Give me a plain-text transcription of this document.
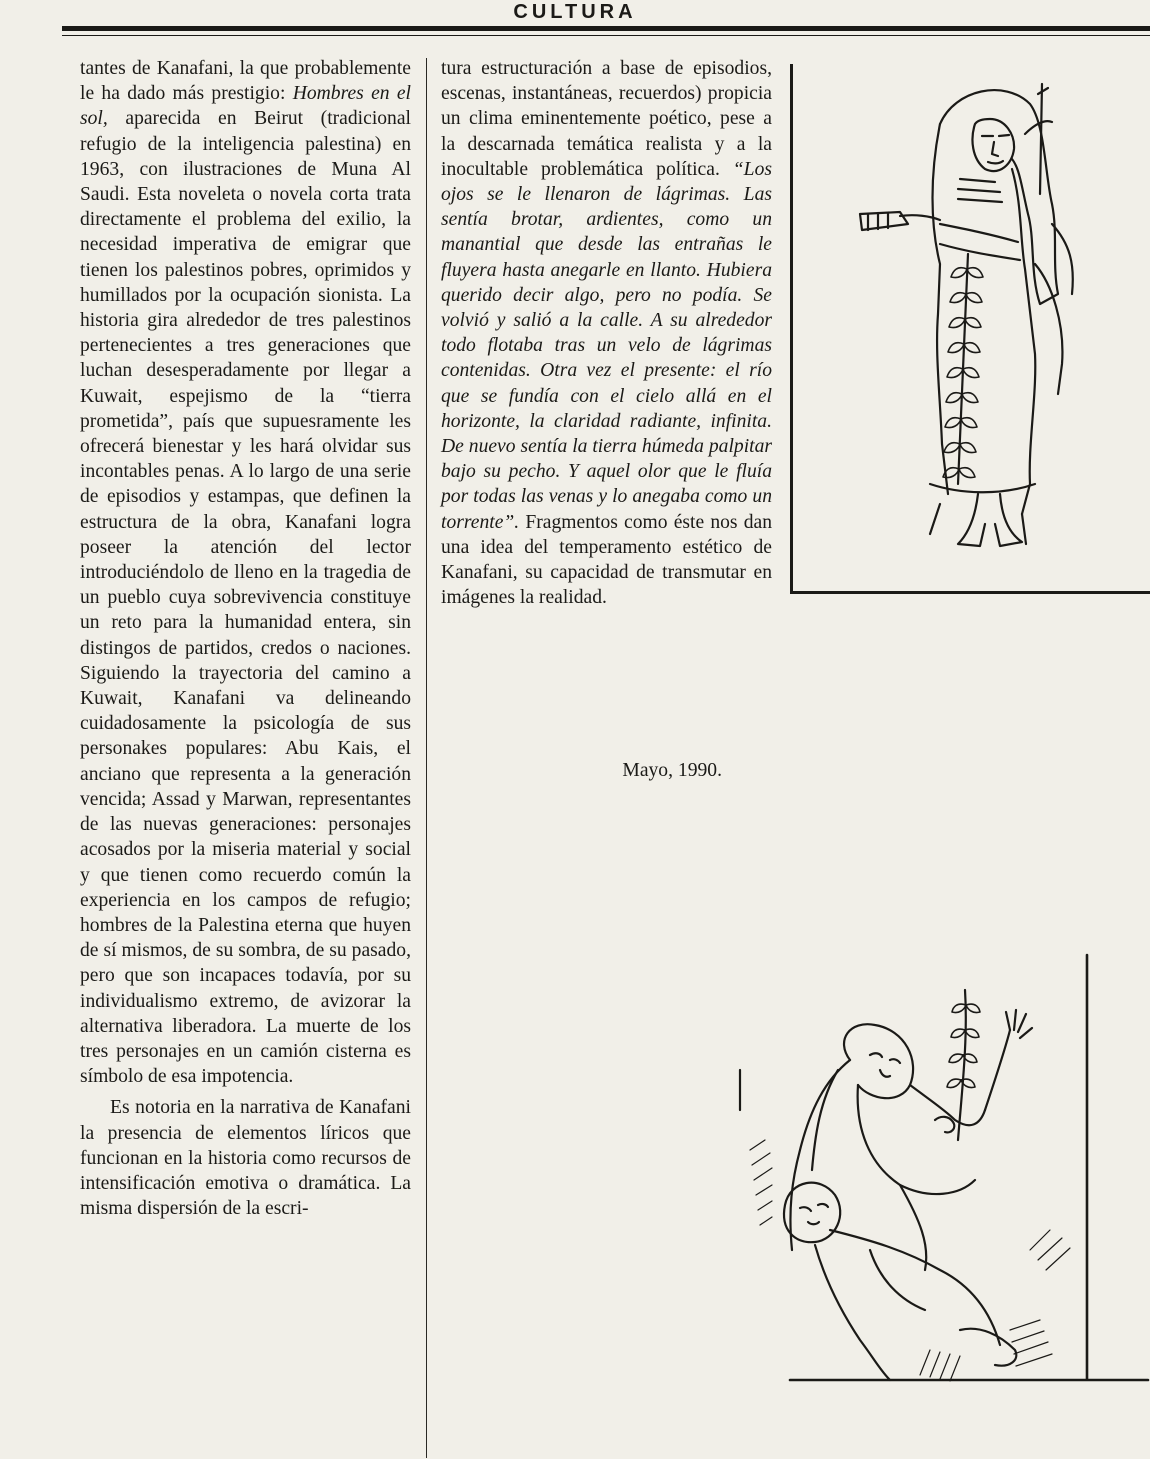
CULTURA

tantes de Kanafani, la que probablemente le ha dado más prestigio: Hombres en el sol, aparecida en Beirut (tradicional refugio de la inteligencia palestina) en 1963, con ilustraciones de Muna Al Saudi. Esta noveleta o novela corta trata directamente el problema del exilio, la necesidad imperativa de emigrar que tienen los palestinos pobres, oprimidos y humillados por la ocupación sionista. La historia gira alrededor de tres palestinos pertenecientes a tres generaciones que luchan desesperadamente por llegar a Kuwait, espejismo de la “tierra prometida”, país que supuesramente les ofrecerá bienestar y les hará olvidar sus incontables penas. A lo largo de una serie de episodios y estampas, que definen la estructura de la obra, Kanafani logra poseer la atención del lector introduciéndolo de lleno en la tragedia de un pueblo cuya sobrevivencia constituye un reto para la humanidad entera, sin distingos de partidos, credos o naciones. Siguiendo la trayectoria del camino a Kuwait, Kanafani va delineando cuidadosamente la psicología de sus personakes populares: Abu Kais, el anciano que representa a la generación vencida; Assad y Marwan, representantes de las nuevas generaciones: personajes acosados por la miseria material y social y que tienen como recuerdo común la experiencia en los campos de refugio; hombres de la Palestina eterna que huyen de sí mismos, de su sombra, de su pasado, pero que son incapaces todavía, por su individualismo extremo, de avizorar la alternativa liberadora. La muerte de los tres personajes en un camión cisterna es símbolo de esa impotencia.

Es notoria en la narrativa de Kanafani la presencia de elementos líricos que funcionan en la historia como recursos de intensificación emotiva o dramática. La misma dispersión de la escri-

tura estructuración a base de episodios, escenas, instantáneas, recuerdos) propicia un clima eminentemente poético, pese a la descarnada temática realista y a la inocultable problemática política. “Los ojos se le llenaron de lágrimas. Las sentía brotar, ardientes, como un manantial que desde las entrañas le fluyera hasta anegarle en llanto. Hubiera querido decir algo, pero no podía. Se volvió y salió a la calle. A su alrededor todo flotaba tras un velo de lágrimas contenidas. Otra vez el presente: el río que se fundía con el cielo allá en el horizonte, la claridad radiante, infinita. De nuevo sentía la tierra húmeda palpitar bajo su pecho. Y aquel olor que le fluía por todas las venas y lo anegaba como un torrente”. Fragmentos como éste nos dan una idea del temperamento estético de Kanafani, su capacidad de transmutar en imágenes la realidad.

Mayo, 1990.
